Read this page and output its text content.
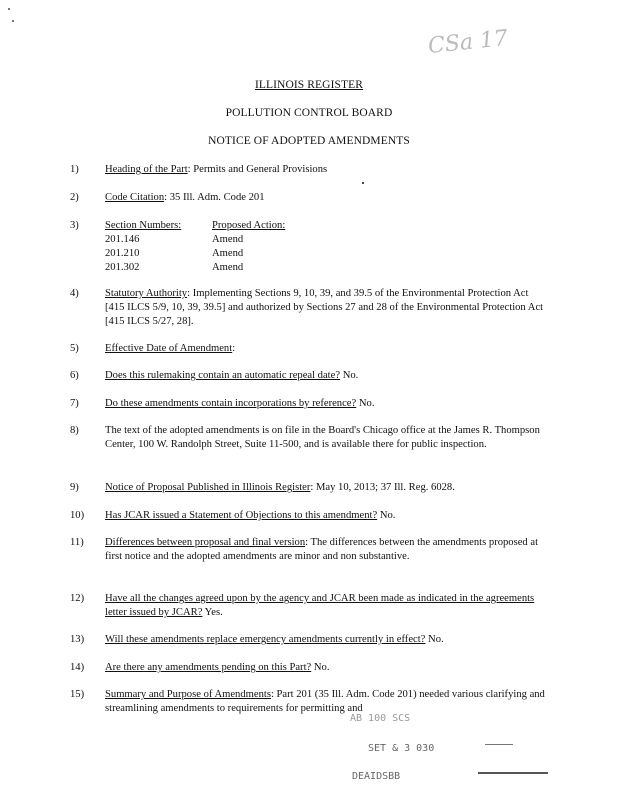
CSa 17
ILLINOIS REGISTER
POLLUTION CONTROL BOARD
NOTICE OF ADOPTED AMENDMENTS
1)	Heading of the Part: Permits and General Provisions
2)	Code Citation: 35 Ill. Adm. Code 201
3)	Section Numbers:	Proposed Action:
201.146	Amend
201.210	Amend
201.302	Amend
4)	Statutory Authority: Implementing Sections 9, 10, 39, and 39.5 of the Environmental Protection Act [415 ILCS 5/9, 10, 39, 39.5] and authorized by Sections 27 and 28 of the Environmental Protection Act [415 ILCS 5/27, 28].
5)	Effective Date of Amendment:
6)	Does this rulemaking contain an automatic repeal date? No.
7)	Do these amendments contain incorporations by reference? No.
8)	The text of the adopted amendments is on file in the Board's Chicago office at the James R. Thompson Center, 100 W. Randolph Street, Suite 11-500, and is available there for public inspection.
9)	Notice of Proposal Published in Illinois Register: May 10, 2013; 37 Ill. Reg. 6028.
10)	Has JCAR issued a Statement of Objections to this amendment? No.
11)	Differences between proposal and final version: The differences between the amendments proposed at first notice and the adopted amendments are minor and non substantive.
12)	Have all the changes agreed upon by the agency and JCAR been made as indicated in the agreements letter issued by JCAR? Yes.
13)	Will these amendments replace emergency amendments currently in effect? No.
14)	Are there any amendments pending on this Part? No.
15)	Summary and Purpose of Amendments: Part 201 (35 Ill. Adm. Code 201) needed various clarifying and streamlining amendments to requirements for permitting and
AB 100 SCS
SET & 3 030
DEAIDSBB
